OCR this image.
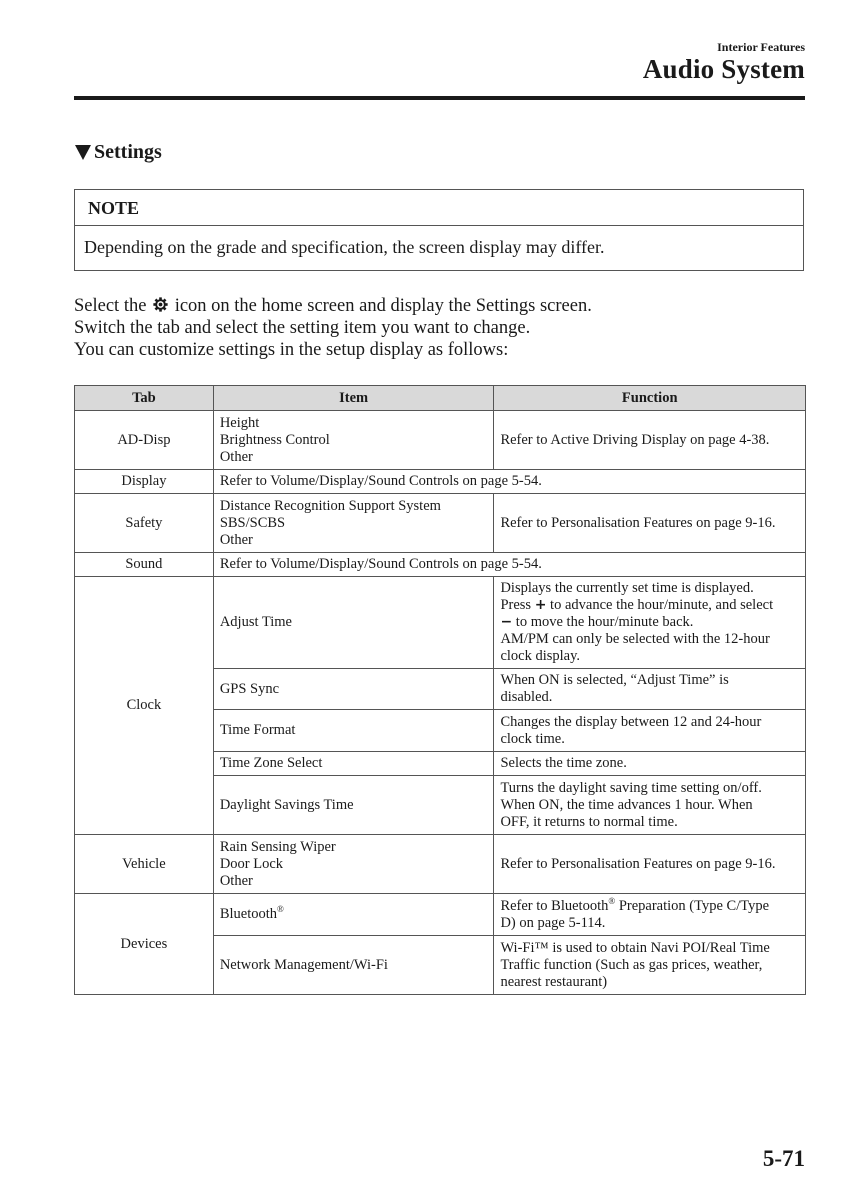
Interior Features
Audio System
Settings
NOTE
Depending on the grade and specification, the screen display may differ.

Select the icon on the home screen and display the Settings screen.

Switch the tab and select the setting item you want to change.

You can customize settings in the setup display as follows:

Tab	Item	Function
AD-Disp	Height
Brightness Control
Other	Refer to Active Driving Display on page 4-38.
Display	Refer to Volume/Display/Sound Controls on page 5-54.	
Safety	Distance Recognition Support System
SBS/SCBS
Other	Refer to Personalisation Features on page 9-16.
Sound	Refer to Volume/Display/Sound Controls on page 5-54.	
Clock	Adjust Time	Displays the currently set time is displayed.
Press + to advance the hour/minute, and select
− to move the hour/minute back.
AM/PM can only be selected with the 12-hour
clock display.

	GPS Sync	When ON is selected, “Adjust Time” is
disabled.

	Time Format	Changes the display between 12 and 24-hour
clock time.

	Time Zone Select	Selects the time zone.
	Daylight Savings Time	Turns the daylight saving time setting on/off.
When ON, the time advances 1 hour. When
OFF, it returns to normal time.

Vehicle	Rain Sensing Wiper
Door Lock
Other	Refer to Personalisation Features on page 9-16.
Devices	Bluetooth®	Refer to Bluetooth® Preparation (Type C/Type
D) on page 5-114.

	Network Management/Wi-Fi	Wi-Fi™ is used to obtain Navi POI/Real Time
Traffic function (Such as gas prices, weather,
nearest restaurant)
5-71
